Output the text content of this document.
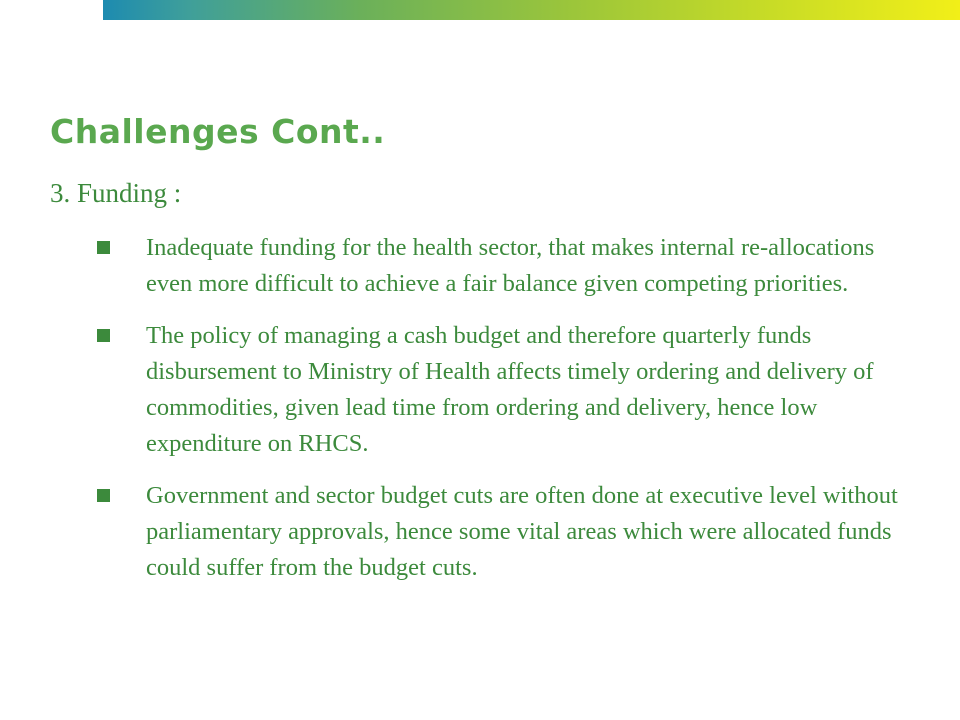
Challenges Cont..
3. Funding :
Inadequate funding for the health sector, that makes internal re-allocations even more difficult to achieve a fair balance given competing priorities.
The policy of managing a cash budget and therefore quarterly funds disbursement to Ministry of Health affects timely ordering and delivery of commodities, given lead time from ordering and delivery, hence low expenditure on RHCS.
Government and sector budget cuts are often done at executive level without parliamentary approvals, hence some vital areas which were allocated funds could suffer from the budget cuts.
